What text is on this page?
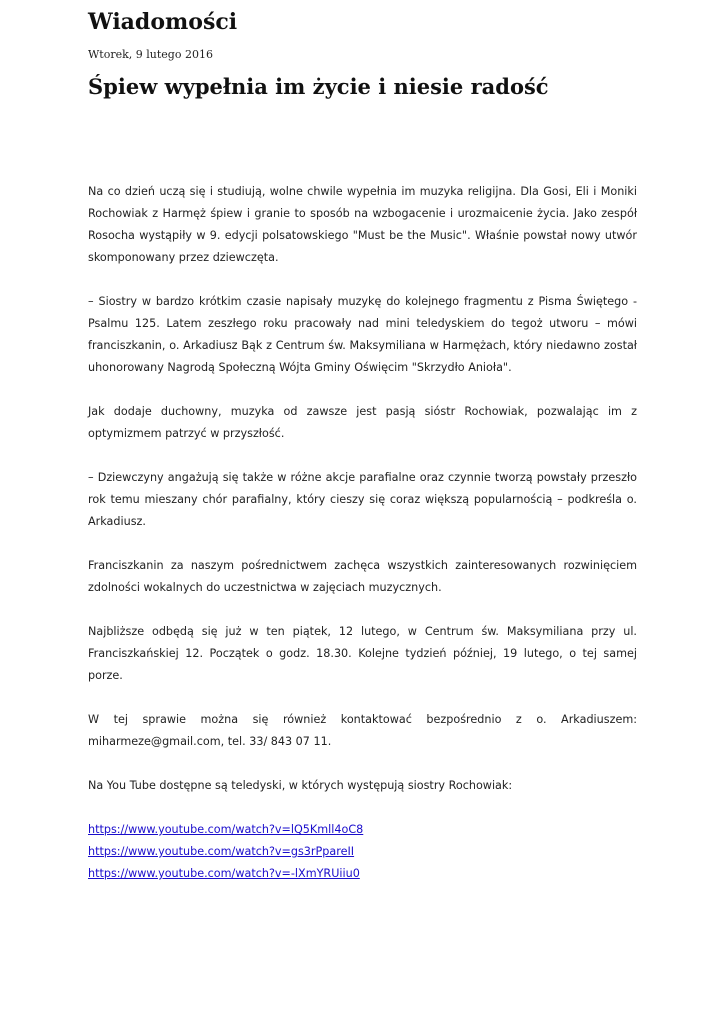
Wiadomości
Wtorek, 9 lutego 2016
Śpiew wypełnia im życie i niesie radość

Na co dzień uczą się i studiują, wolne chwile wypełnia im muzyka religijna. Dla Gosi, Eli i Moniki Rochowiak z Harmęż śpiew i granie to sposób na wzbogacenie i urozmaicenie życia. Jako zespół Rosocha wystąpiły w 9. edycji polsatowskiego "Must be the Music". Właśnie powstał nowy utwór skomponowany przez dziewczęta.

– Siostry w bardzo krótkim czasie napisały muzykę do kolejnego fragmentu z Pisma Świętego - Psalmu 125. Latem zeszłego roku pracowały nad mini teledyskiem do tegoż utworu – mówi franciszkanin, o. Arkadiusz Bąk z Centrum św. Maksymiliana w Harmężach, który niedawno został uhonorowany Nagrodą Społeczną Wójta Gminy Oświęcim "Skrzydło Anioła".

Jak dodaje duchowny, muzyka od zawsze jest pasją sióstr Rochowiak, pozwalając im z optymizmem patrzyć w przyszłość.

– Dziewczyny angażują się także w różne akcje parafialne oraz czynnie tworzą powstały przeszło rok temu mieszany chór parafialny, który cieszy się coraz większą popularnością – podkreśla o. Arkadiusz.

Franciszkanin za naszym pośrednictwem zachęca wszystkich zainteresowanych rozwinięciem zdolności wokalnych do uczestnictwa w zajęciach muzycznych.

Najbliższe odbędą się już w ten piątek, 12 lutego, w Centrum św. Maksymiliana przy ul. Franciszkańskiej 12. Początek o godz. 18.30. Kolejne tydzień później, 19 lutego, o tej samej porze.

W tej sprawie można się również kontaktować bezpośrednio z o. Arkadiuszem: miharmeze@gmail.com, tel. 33/ 843 07 11.

Na You Tube dostępne są teledyski, w których występują siostry Rochowiak:

https://www.youtube.com/watch?v=lQ5Kmll4oC8
https://www.youtube.com/watch?v=gs3rPpareII
https://www.youtube.com/watch?v=-lXmYRUiiu0
